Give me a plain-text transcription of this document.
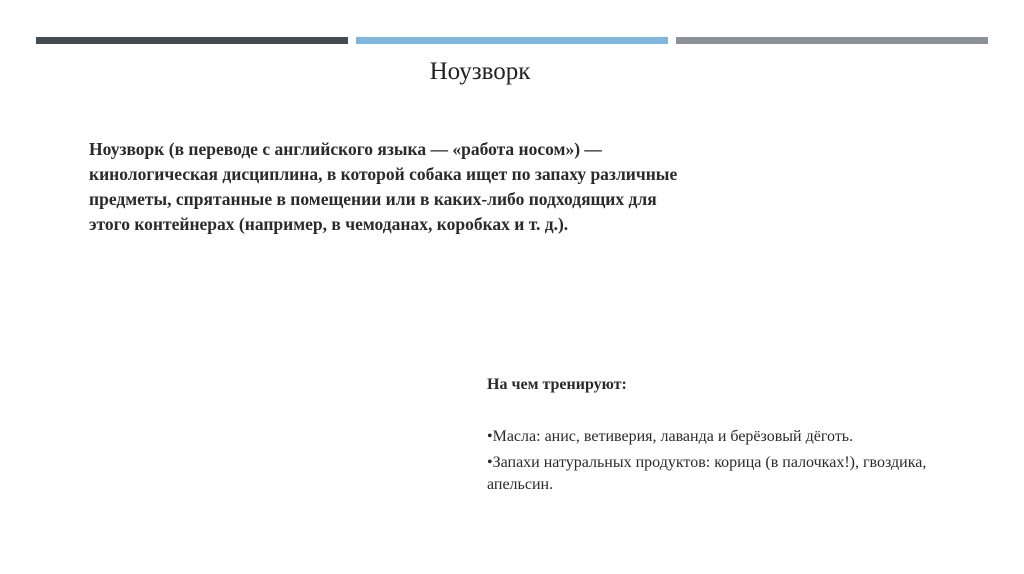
Ноузворк
Ноузворк (в переводе с английского языка — «работа носом») —
кинологическая дисциплина, в которой собака ищет по запаху различные
предметы, спрятанные в помещении или в каких-либо подходящих для
этого контейнерах (например, в чемоданах, коробках и т. д.).
На чем тренируют:
•Масла: анис, ветиверия, лаванда и берёзовый дёготь.
•Запахи натуральных продуктов: корица (в палочках!), гвоздика, апельсин.
